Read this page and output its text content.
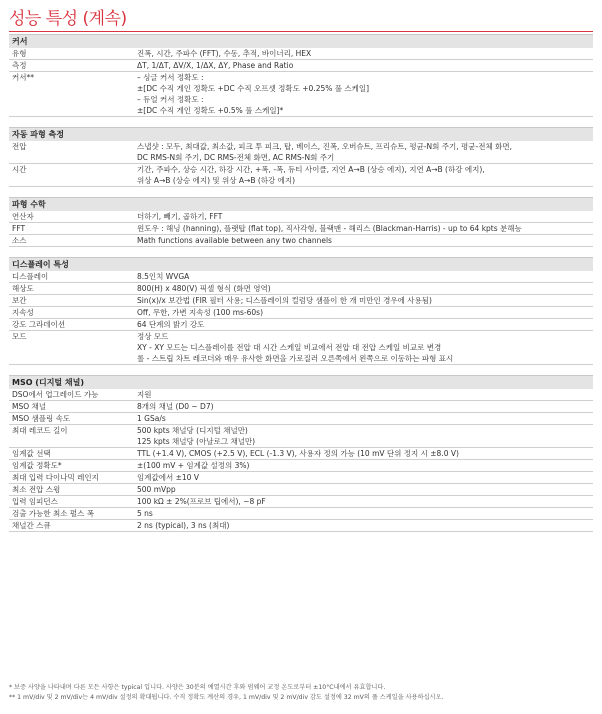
성능 특성 (계속)
커서
유형	진폭, 시간, 주파수 (FFT), 수동, 추적, 바이너리, HEX
측정	ΔT, 1/ΔT, ΔV/X, 1/ΔX, ΔY, Phase and Ratio
커서**	– 싱글 커서 정확도 :
±[DC 수직 게인 정확도 +DC 수직 오프셋 정확도 +0.25% 풀 스케일]
– 듀얼 커서 정확도 :
±[DC 수직 게인 정확도 +0.5% 풀 스케일]*
자동 파형 측정
전압	스냅샷 : 모두, 최대값, 최소값, 피크 투 피크, 탑, 베이스, 진폭, 오버슈트, 프리슈트, 평균-N회 주기, 평균-전체 화면,
DC RMS-N회 주기, DC RMS-전체 화면, AC RMS-N회 주기
시간	기간, 주파수, 상승 시간, 하강 시간, +폭, -폭, 듀티 사이클, 지연 A→B (상승 에지), 지연 A→B (하강 에지),
위상 A→B (상승 에지) 및 위상 A→B (하강 에지)
파형 수학
연산자	더하기, 빼기, 곱하기, FFT
FFT	윈도우 : 해닝 (hanning), 플랫탑 (flat top), 직사각형, 블랙맨 - 해리스 (Blackman-Harris) - up to 64 kpts 분해능
소스	Math functions available between any two channels
디스플레이 특성
디스플레이	8.5인치 WVGA
해상도	800(H) x 480(V) 픽셀 형식 (화면 영역)
보간	Sin(x)/x 보간법 (FIR 필터 사용; 디스플레이의 컬럼당 샘플이 한 개 미만인 경우에 사용됨)
지속성	Off, 무한, 가변 지속성 (100 ms-60s)
강도 그라데이션	64 단계의 밝기 강도
모드	정상 모드
XY - XY 모드는 디스플레이를 전압 대 시간 스케일 비교에서 전압 대 전압 스케일 비교로 변경
롤 - 스트립 차트 레코더와 매우 유사한 화면을 가로질러 오른쪽에서 왼쪽으로 이동하는 파형 표시
MSO (디지털 채널)
DSO에서 업그레이드 가능	지원
MSO 채널	8개의 채널 (D0 ~ D7)
MSO 샘플링 속도	1 GSa/s
최대 레코드 길이	500 kpts 채널당 (디지털 채널만)
125 kpts 채널당 (아날로그 채널만)
임계값 선택	TTL (+1.4 V), CMOS (+2.5 V), ECL (-1.3 V), 사용자 정의 가능 (10 mV 단위 정지 시 ±8.0 V)
임계값 정확도*	±(100 mV + 임계값 설정의 3%)
최대 입력 다이나믹 레인지	임계값에서 ±10 V
최소 전압 스윙	500 mVpp
입력 임피던스	100 kΩ ± 2%(프로브 팁에서), ~8 pF
검출 가능한 최소 펄스 폭	5 ns
채널간 스큐	2 ns (typical), 3 ns (최대)
* 보증 사양을 나타내며 다른 모든 사항은 typical 입니다. 사양은 30분의 예열시간 후와 펌웨어 교정 온도로부터 ±10°C내에서 유효합니다.
** 1 mV/div 및 2 mV/div는 4 mV/div 설정의 확대됩니다. 수직 정확도 계산의 경우, 1 mV/div 및 2 mV/div 감도 설정에 32 mV의 풀 스케일을 사용하십시오.
